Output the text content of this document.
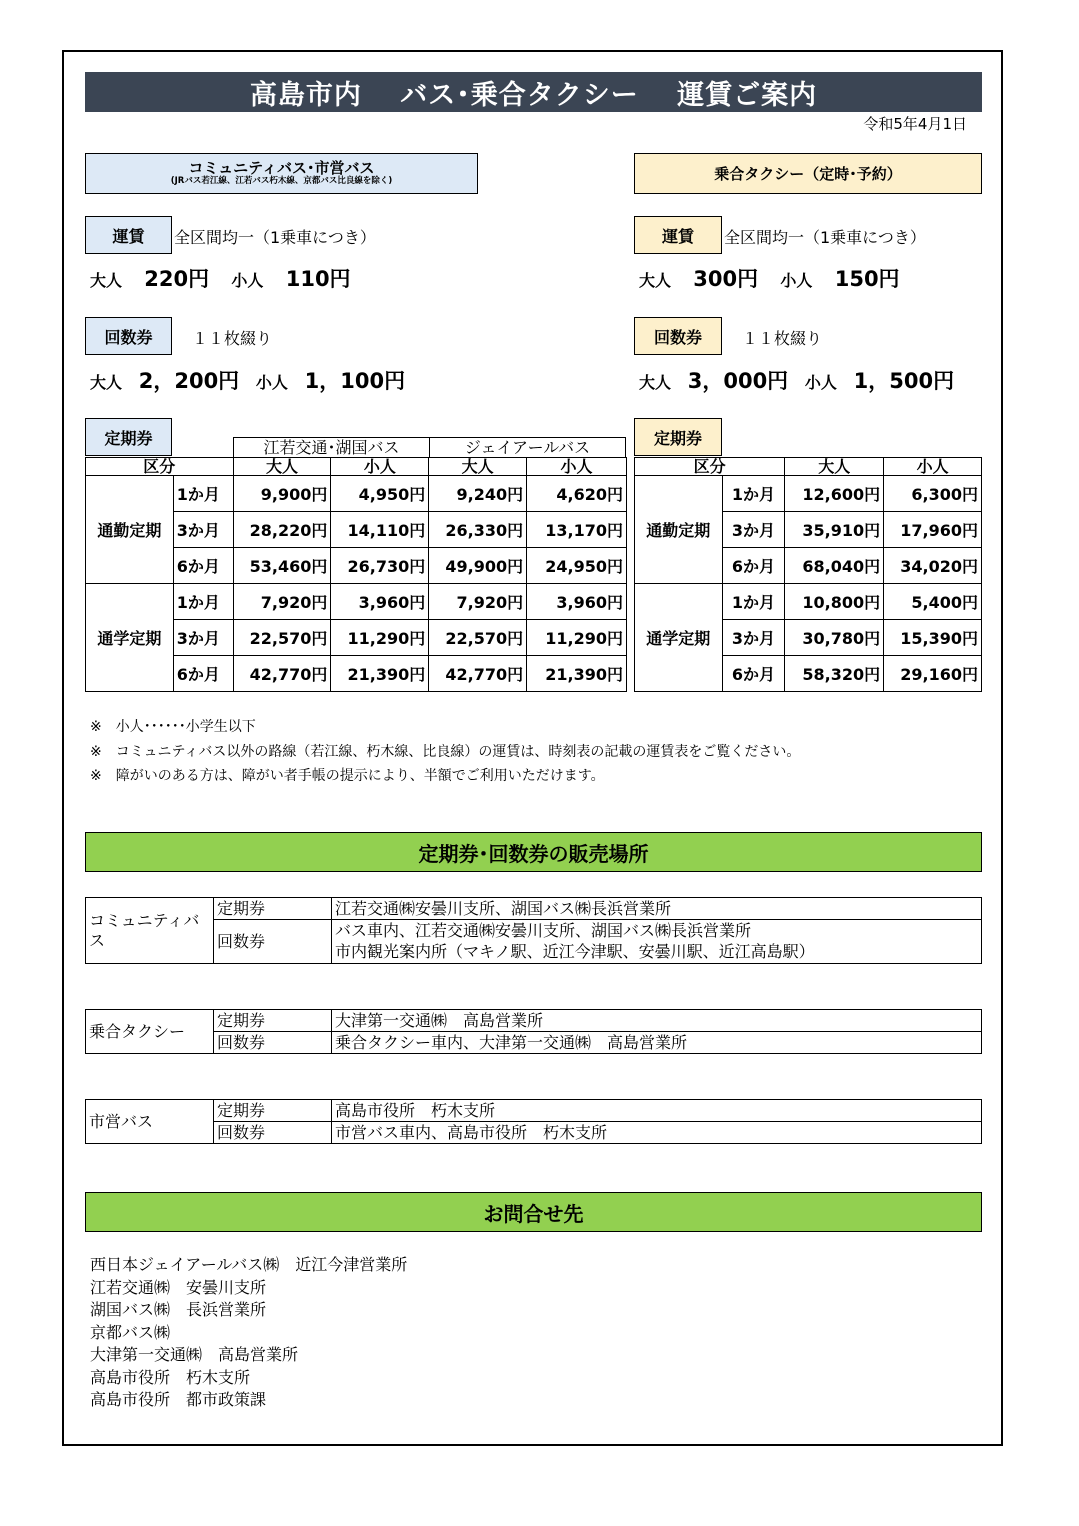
高島市内　 バス･乗合タクシー　 運賃ご案内
令和5年4月1日
コミュニティバス･市営バス
(JRバス若江線、江若バス朽木線、京都バス比良線を除く)	乗合タクシー（定時･予約）
運賃	全区間均一（1乗車につき）
大人 220円 小人 110円
運賃	全区間均一（1乗車につき）
大人 300円 小人 150円
回数券	１１枚綴り
大人 2，200円 小人 1，100円
回数券	１１枚綴り
大人 3，000円 小人 1，500円
定期券	定期券
江若交通･湖国バス	ジェイアールバス
区分		大人	小人	大人	小人
通勤定期	1か月	9,900円	4,950円	9,240円	4,620円
	3か月	28,220円	14,110円	26,330円	13,170円
	6か月	53,460円	26,730円	49,900円	24,950円
通学定期	1か月	7,920円	3,960円	7,920円	3,960円
	3か月	22,570円	11,290円	22,570円	11,290円
	6か月	42,770円	21,390円	42,770円	21,390円
区分		大人	小人
通勤定期	1か月	12,600円	6,300円
	3か月	35,910円	17,960円
	6か月	68,040円	34,020円
通学定期	1か月	10,800円	5,400円
	3か月	30,780円	15,390円
	6か月	58,320円	29,160円
※　小人･･････小学生以下
※　コミュニティバス以外の路線（若江線、朽木線、比良線）の運賃は、時刻表の記載の運賃表をご覧ください。
※　障がいのある方は、障がい者手帳の提示により、半額でご利用いただけます。
定期券･回数券の販売場所
コミュニティバス	定期券	江若交通㈱安曇川支所、湖国バス㈱長浜営業所
	回数券	バス車内、江若交通㈱安曇川支所、湖国バス㈱長浜営業所
		市内観光案内所（マキノ駅、近江今津駅、安曇川駅、近江高島駅）
乗合タクシー	定期券	大津第一交通㈱　高島営業所
	回数券	乗合タクシー車内、大津第一交通㈱　高島営業所
市営バス	定期券	高島市役所　朽木支所
	回数券	市営バス車内、高島市役所　朽木支所
お問合せ先
西日本ジェイアールバス㈱　近江今津営業所
江若交通㈱　安曇川支所
湖国バス㈱　長浜営業所
京都バス㈱
大津第一交通㈱　高島営業所
高島市役所　朽木支所
高島市役所　都市政策課
